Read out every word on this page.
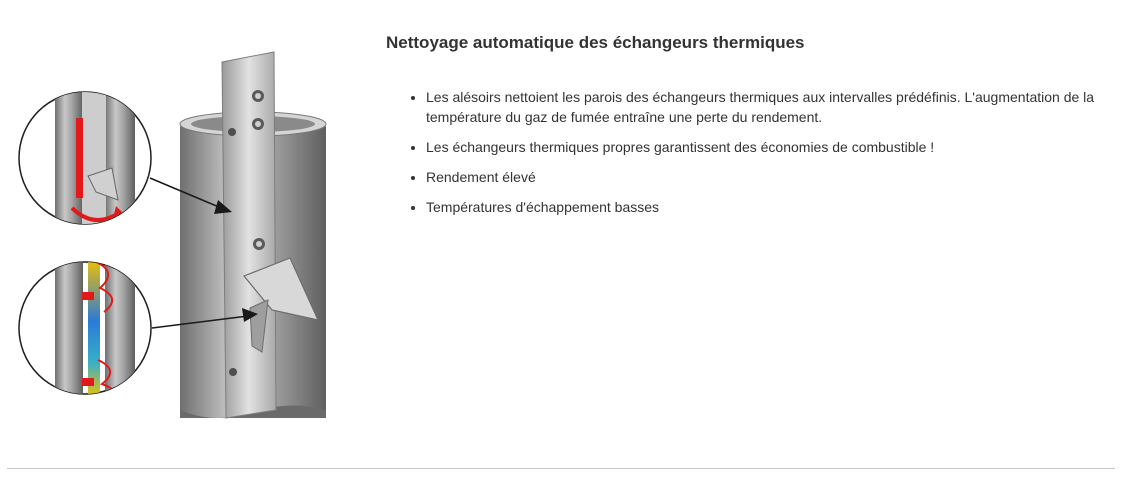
Nettoyage automatique des échangeurs thermiques
• Les alésoirs nettoient les parois des échangeurs thermiques aux intervalles prédéfinis. L'augmentation de la température du gaz de fumée entraîne une perte du rendement.
• Les échangeurs thermiques propres garantissent des économies de combustible !
• Rendement élevé
• Températures d'échappement basses
